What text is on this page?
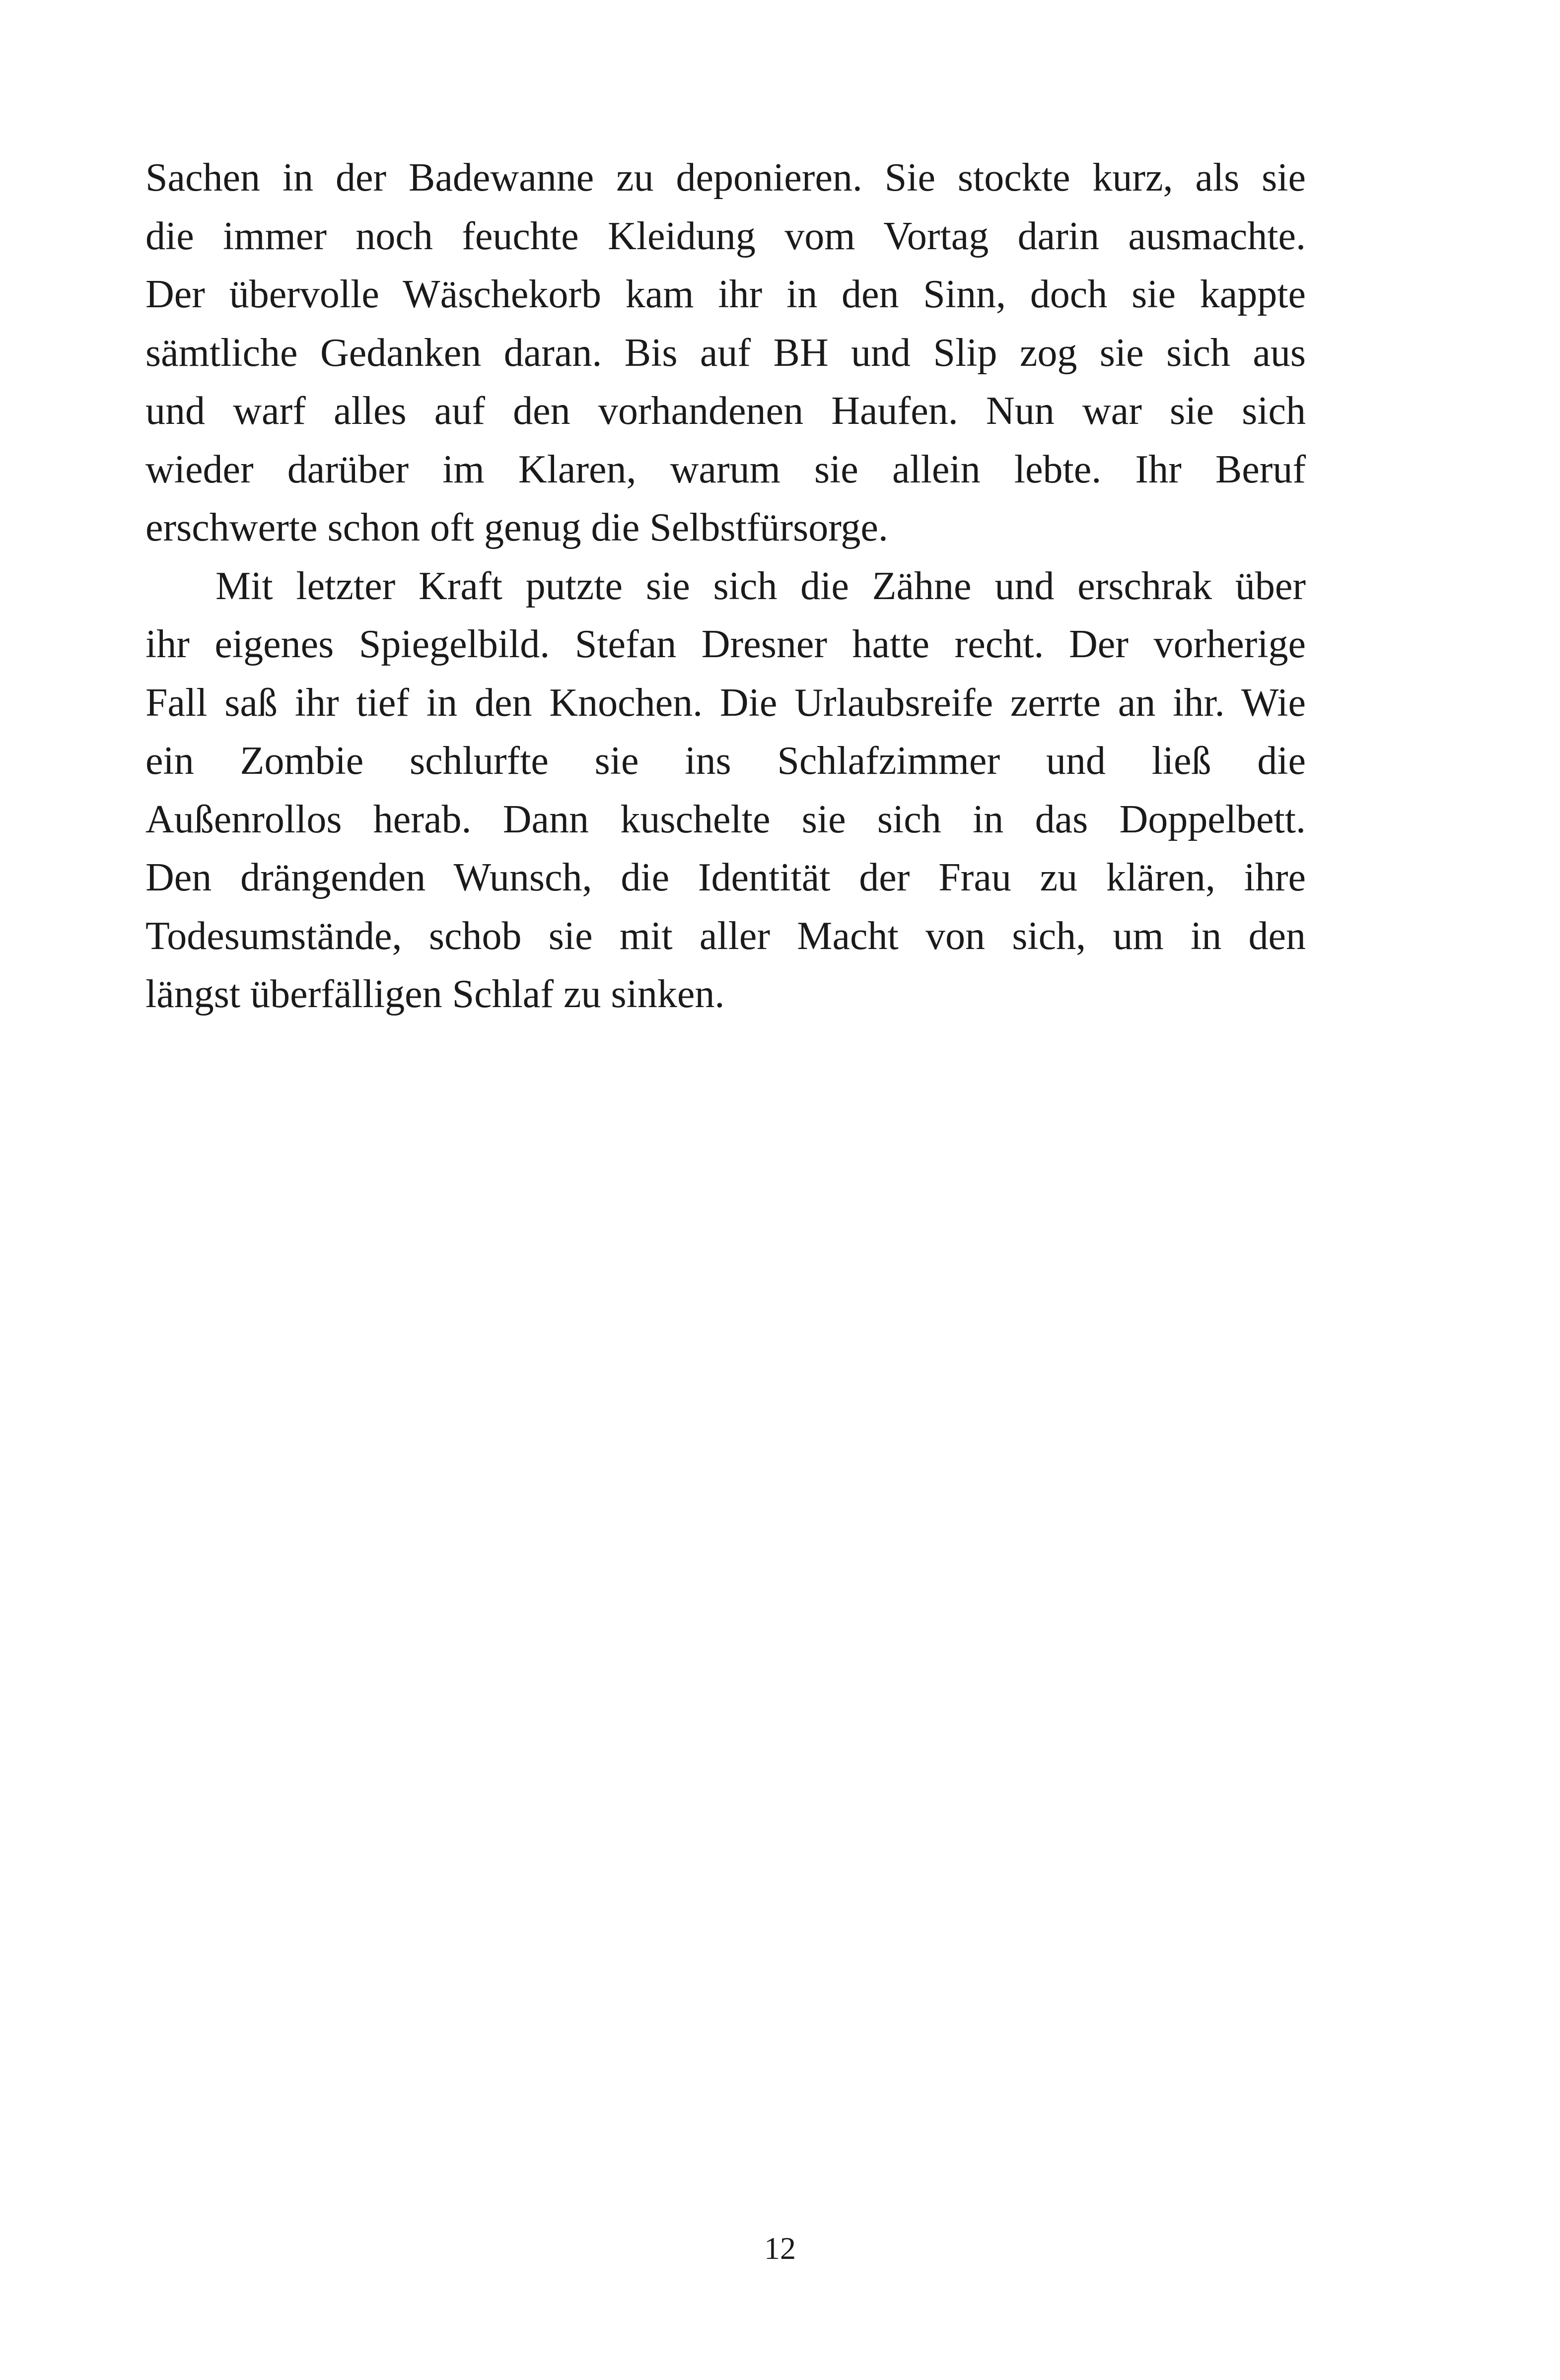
Sachen in der Badewanne zu deponieren. Sie stockte kurz, als sie
die immer noch feuchte Kleidung vom Vortag darin ausmachte.
Der übervolle Wäschekorb kam ihr in den Sinn, doch sie kappte
sämtliche Gedanken daran. Bis auf BH und Slip zog sie sich aus
und warf alles auf den vorhandenen Haufen. Nun war sie sich
wieder darüber im Klaren, warum sie allein lebte. Ihr Beruf
erschwerte schon oft genug die Selbstfürsorge.

Mit letzter Kraft putzte sie sich die Zähne und erschrak über
ihr eigenes Spiegelbild. Stefan Dresner hatte recht. Der vorherige
Fall saß ihr tief in den Knochen. Die Urlaubsreife zerrte an ihr. Wie
ein Zombie schlurfte sie ins Schlafzimmer und ließ die
Außenrollos herab. Dann kuschelte sie sich in das Doppelbett.
Den drängenden Wunsch, die Identität der Frau zu klären, ihre
Todesumstände, schob sie mit aller Macht von sich, um in den
längst überfälligen Schlaf zu sinken.

12
